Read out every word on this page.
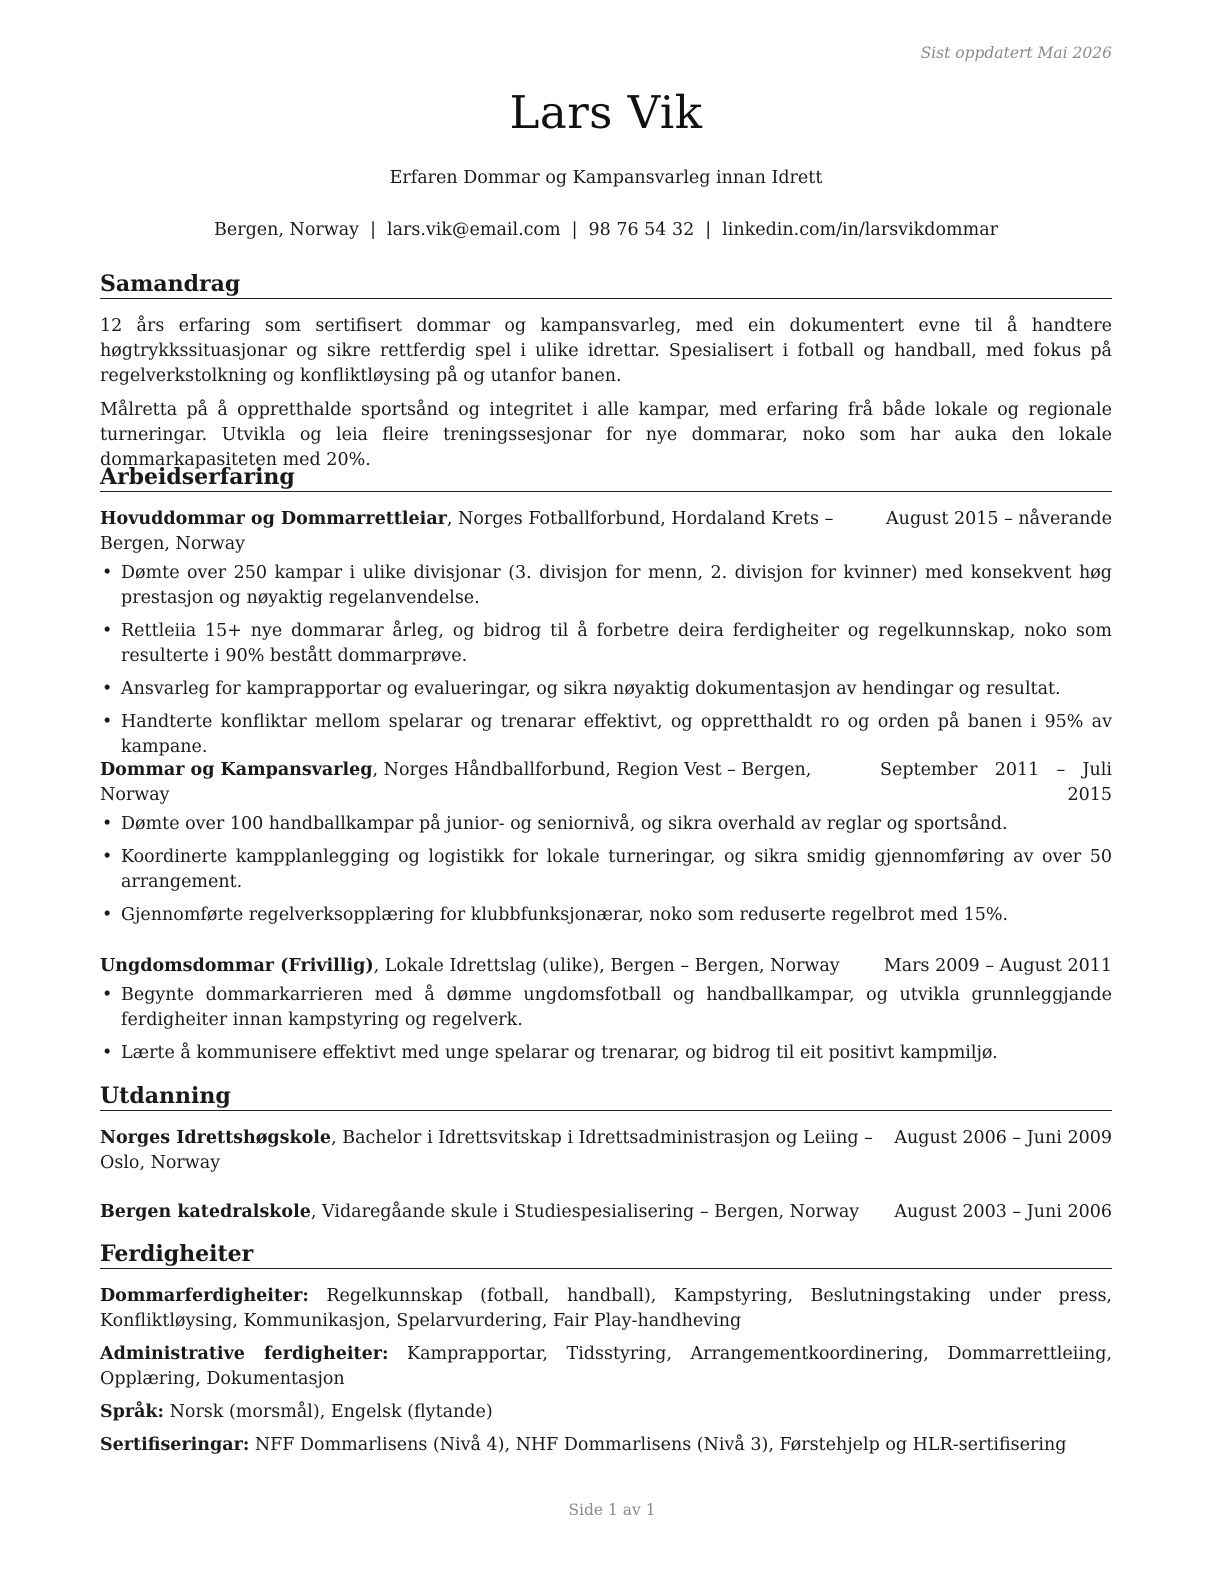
Sist oppdatert Mai 2026
Lars Vik
Erfaren Dommar og Kampansvarleg innan Idrett
Bergen, Norway | lars.vik@email.com | 98 76 54 32 | linkedin.com/in/larsvikdommar
Samandrag

12 års erfaring som sertifisert dommar og kampansvarleg, med ein dokumentert evne til å handtere høgtrykkssituasjonar og sikre rettferdig spel i ulike idrettar. Spesialisert i fotball og handball, med fokus på regelverkstolkning og konfliktløysing på og utanfor banen.

Målretta på å oppretthalde sportsånd og integritet i alle kampar, med erfaring frå både lokale og regionale turneringar. Utvikla og leia fleire treningssesjonar for nye dommarar, noko som har auka den lokale dommarkapasiteten med 20%.

Arbeidserfaring
Hovuddommar og Dommarrettleiar, Norges Fotballforbund, Hordaland Krets – Bergen, Norway
August 2015 – nåverande
• Dømte over 250 kampar i ulike divisjonar (3. divisjon for menn, 2. divisjon for kvinner) med konsekvent høg prestasjon og nøyaktig regelanvendelse.
• Rettleiia 15+ nye dommarar årleg, og bidrog til å forbetre deira ferdigheiter og regelkunnskap, noko som resulterte i 90% bestått dommarprøve.
• Ansvarleg for kamprapportar og evalueringar, og sikra nøyaktig dokumentasjon av hendingar og resultat.
• Handterte konfliktar mellom spelarar og trenarar effektivt, og oppretthaldt ro og orden på banen i 95% av kampane.
Dommar og Kampansvarleg, Norges Håndballforbund, Region Vest – Bergen, Norway
September 2011 – Juli 2015
• Dømte over 100 handballkampar på junior- og seniornivå, og sikra overhald av reglar og sportsånd.
• Koordinerte kampplanlegging og logistikk for lokale turneringar, og sikra smidig gjennomføring av over 50 arrangement.
• Gjennomførte regelverksopplæring for klubbfunksjonærar, noko som reduserte regelbrot med 15%.
Ungdomsdommar (Frivillig), Lokale Idrettslag (ulike), Bergen – Bergen, Norway	Mars 2009 – August 2011
• Begynte dommarkarrieren med å dømme ungdomsfotball og handballkampar, og utvikla grunnleggjande ferdigheiter innan kampstyring og regelverk.
• Lærte å kommunisere effektivt med unge spelarar og trenarar, og bidrog til eit positivt kampmiljø.
Utdanning
Norges Idrettshøgskole, Bachelor i Idrettsvitskap i Idrettsadministrasjon og Leiing – Oslo, Norway
August 2006 – Juni 2009
Bergen katedralskole, Vidaregåande skule i Studiespesialisering – Bergen, Norway	August 2003 – Juni 2006
Ferdigheiter
Dommarferdigheiter: Regelkunnskap (fotball, handball), Kampstyring, Beslutningstaking under press, Konfliktløysing, Kommunikasjon, Spelarvurdering, Fair Play-handheving
Administrative ferdigheiter: Kamprapportar, Tidsstyring, Arrangementkoordinering, Dommarrettleiing, Opplæring, Dokumentasjon
Språk: Norsk (morsmål), Engelsk (flytande)
Sertifiseringar: NFF Dommarlisens (Nivå 4), NHF Dommarlisens (Nivå 3), Førstehjelp og HLR-sertifisering
Side 1 av 1
